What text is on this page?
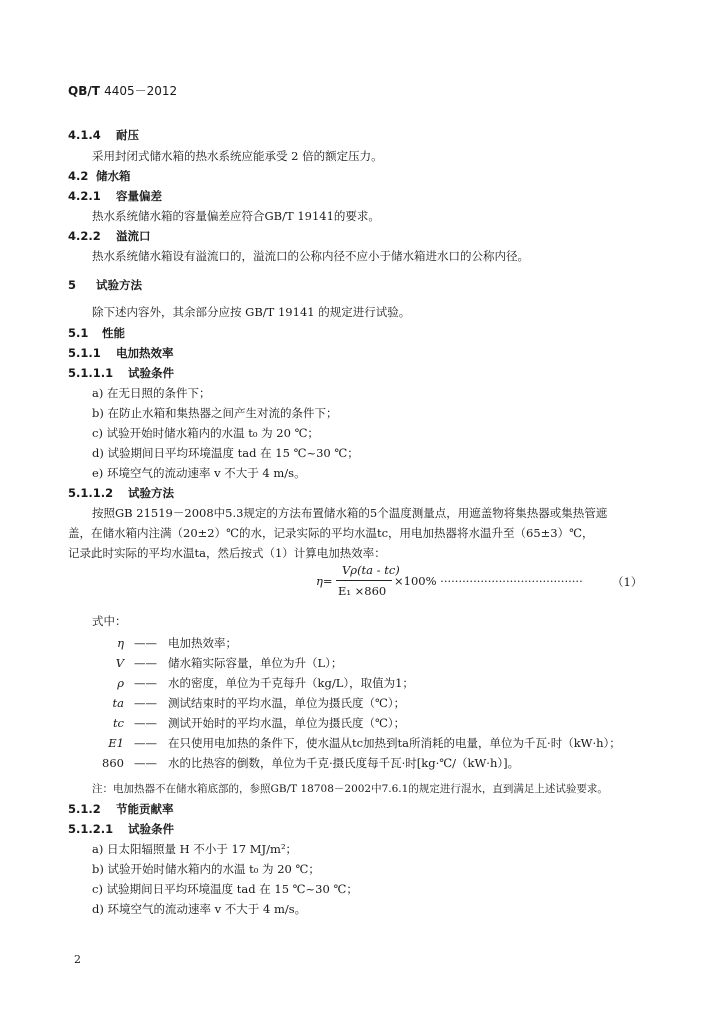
QB/T 4405－2012
4.1.4 耐压
采用封闭式储水箱的热水系统应能承受 2 倍的额定压力。
4.2 储水箱
4.2.1 容量偏差
热水系统储水箱的容量偏差应符合GB/T 19141的要求。
4.2.2 溢流口
热水系统储水箱设有溢流口的，溢流口的公称内径不应小于储水箱进水口的公称内径。
5 试验方法
除下述内容外，其余部分应按 GB/T 19141 的规定进行试验。
5.1 性能
5.1.1 电加热效率
5.1.1.1 试验条件
a) 在无日照的条件下；
b) 在防止水箱和集热器之间产生对流的条件下；
c) 试验开始时储水箱内的水温 t₀ 为 20 ℃；
d) 试验期间日平均环境温度 tad 在 15 ℃~30 ℃；
e) 环境空气的流动速率 v 不大于 4 m/s。
5.1.1.2 试验方法
按照GB 21519－2008中5.3规定的方法布置储水箱的5个温度测量点，用遮盖物将集热器或集热管遮
盖，在储水箱内注满（20±2）℃的水，记录实际的平均水温tc，用电加热器将水温升至（65±3）℃，
记录此时实际的平均水温ta，然后按式（1）计算电加热效率：
η=
Vρ(ta - tc)
E₁ ×860
×100% ·······································	（1）
式中：
η —— 电加热效率；
V —— 储水箱实际容量，单位为升（L）；
ρ —— 水的密度，单位为千克每升（kg/L），取值为1；
ta —— 测试结束时的平均水温，单位为摄氏度（℃）；
tc —— 测试开始时的平均水温，单位为摄氏度（℃）；
E1 —— 在只使用电加热的条件下，使水温从tc加热到ta所消耗的电量，单位为千瓦·时（kW·h）；
860 —— 水的比热容的倒数，单位为千克·摄氏度每千瓦·时[kg·℃/（kW·h）]。
注：电加热器不在储水箱底部的，参照GB/T 18708－2002中7.6.1的规定进行混水，直到满足上述试验要求。
5.1.2 节能贡献率
5.1.2.1 试验条件
a) 日太阳辐照量 H 不小于 17 MJ/m²；
b) 试验开始时储水箱内的水温 t₀ 为 20 ℃；
c) 试验期间日平均环境温度 tad 在 15 ℃~30 ℃；
d) 环境空气的流动速率 v 不大于 4 m/s。
2
